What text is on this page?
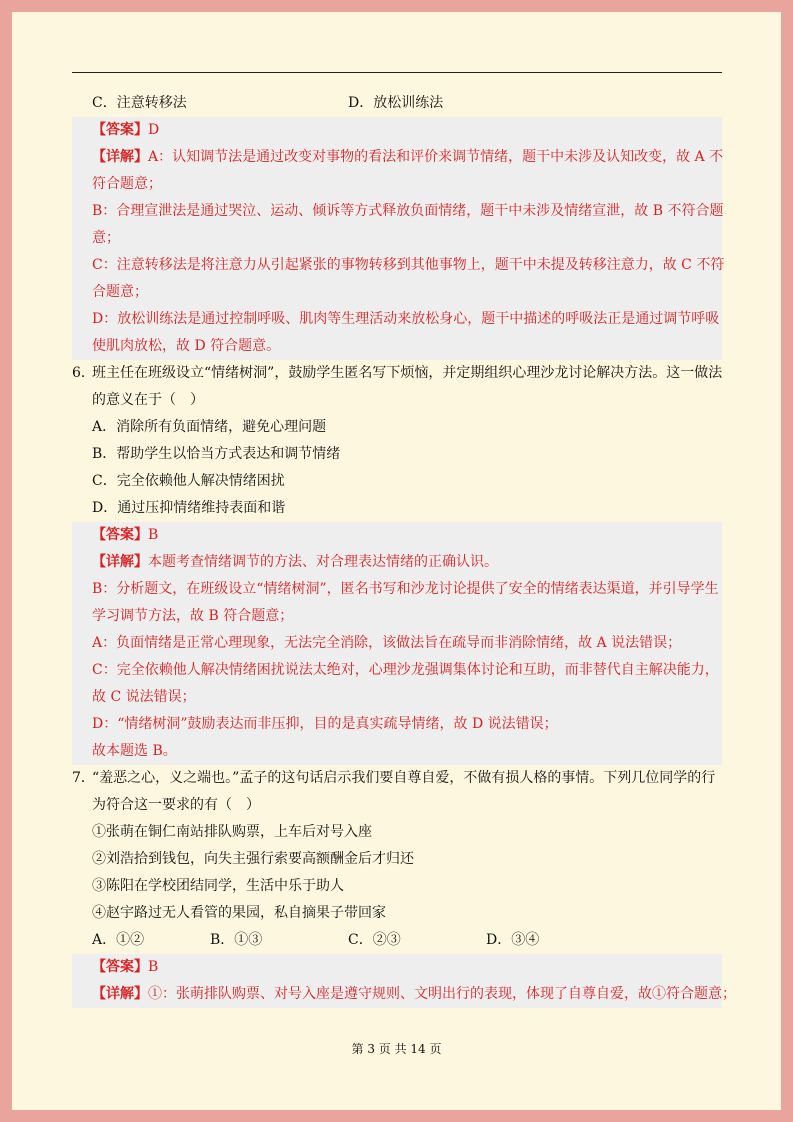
C．注意转移法	D．放松训练法
【答案】D
【详解】A：认知调节法是通过改变对事物的看法和评价来调节情绪，题干中未涉及认知改变，故 A 不
符合题意；
B：合理宣泄法是通过哭泣、运动、倾诉等方式释放负面情绪，题干中未涉及情绪宣泄，故 B 不符合题
意；
C：注意转移法是将注意力从引起紧张的事物转移到其他事物上，题干中未提及转移注意力，故 C 不符
合题意；
D：放松训练法是通过控制呼吸、肌肉等生理活动来放松身心，题干中描述的呼吸法正是通过调节呼吸
使肌肉放松，故 D 符合题意。
6．班主任在班级设立“情绪树洞”，鼓励学生匿名写下烦恼，并定期组织心理沙龙讨论解决方法。这一做法
的意义在于（　）
A．消除所有负面情绪，避免心理问题
B．帮助学生以恰当方式表达和调节情绪
C．完全依赖他人解决情绪困扰
D．通过压抑情绪维持表面和谐
【答案】B
【详解】本题考查情绪调节的方法、对合理表达情绪的正确认识。
B：分析题文，在班级设立“情绪树洞”，匿名书写和沙龙讨论提供了安全的情绪表达渠道，并引导学生
学习调节方法，故 B 符合题意；
A：负面情绪是正常心理现象，无法完全消除，该做法旨在疏导而非消除情绪，故 A 说法错误；
C：完全依赖他人解决情绪困扰说法太绝对，心理沙龙强调集体讨论和互助，而非替代自主解决能力，
故 C 说法错误；
D：“情绪树洞”鼓励表达而非压抑，目的是真实疏导情绪，故 D 说法错误；
故本题选 B。
7．“羞恶之心，义之端也。”孟子的这句话启示我们要自尊自爱，不做有损人格的事情。下列几位同学的行
为符合这一要求的有（　）
①张萌在铜仁南站排队购票，上车后对号入座
②刘浩拾到钱包，向失主强行索要高额酬金后才归还
③陈阳在学校团结同学，生活中乐于助人
④赵宇路过无人看管的果园，私自摘果子带回家
A．①②	B．①③	C．②③	D．③④
【答案】B
【详解】①：张萌排队购票、对号入座是遵守规则、文明出行的表现，体现了自尊自爱，故①符合题意；
第 3 页 共 14 页
